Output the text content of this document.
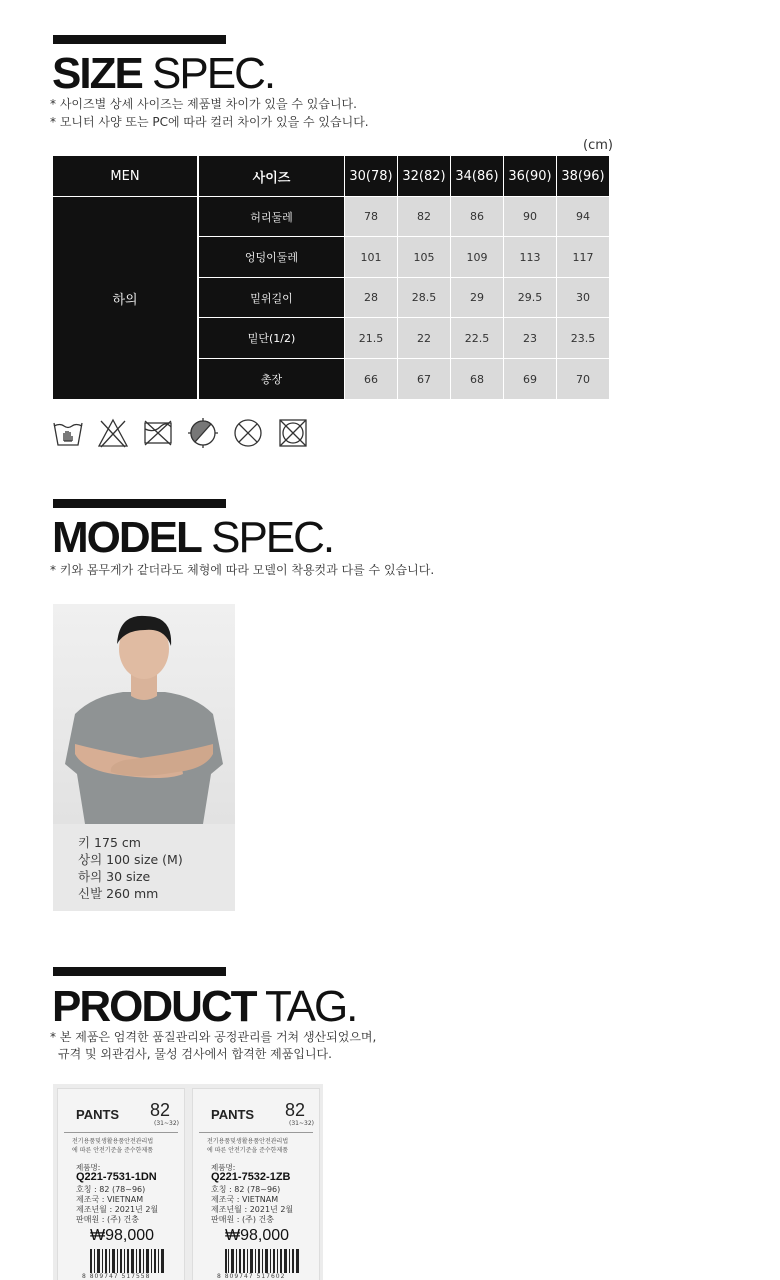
SIZE SPEC.
* 사이즈별 상세 사이즈는 제품별 차이가 있을 수 있습니다.
* 모니터 사양 또는 PC에 따라 컬러 차이가 있을 수 있습니다.
(cm)
MEN	사이즈	30(78) 32(82) 34(86) 36(90) 38(96)
하의
허리둘레	78	82	86	90	94
엉덩이둘레	101	105	109	113	117
밑위길이	28	28.5	29	29.5	30
밑단(1/2)	21.5	22	22.5	23	23.5
총장	66	67	68	69	70
MODEL SPEC.
* 키와 몸무게가 같더라도 체형에 따라 모델이 착용컷과 다를 수 있습니다.
키 175 cm
상의 100 size (M)
하의 30 size
신발 260 mm
PRODUCT TAG.
* 본 제품은 엄격한 품질관리와 공정관리를 거쳐 생산되었으며,
규격 및 외관검사, 물성 검사에서 합격한 제품입니다.
PANTS 82
(31~32)
전기용품및생활용품안전관리법
에 따른 안전기준을 준수한제품
제품명:
Q221-7531-1DN
호칭 : 82 (78~96)
제조국 : VIETNAM
제조년월 : 2021년 2월
판매원 : (주) 건충
₩98,000
8 809747 517558
PANTS 82
(31~32)
전기용품및생활용품안전관리법
에 따른 안전기준을 준수한제품
제품명:
Q221-7532-1ZB
호칭 : 82 (78~96)
제조국 : VIETNAM
제조년월 : 2021년 2월
판매원 : (주) 건충
₩98,000
8 809747 517602
